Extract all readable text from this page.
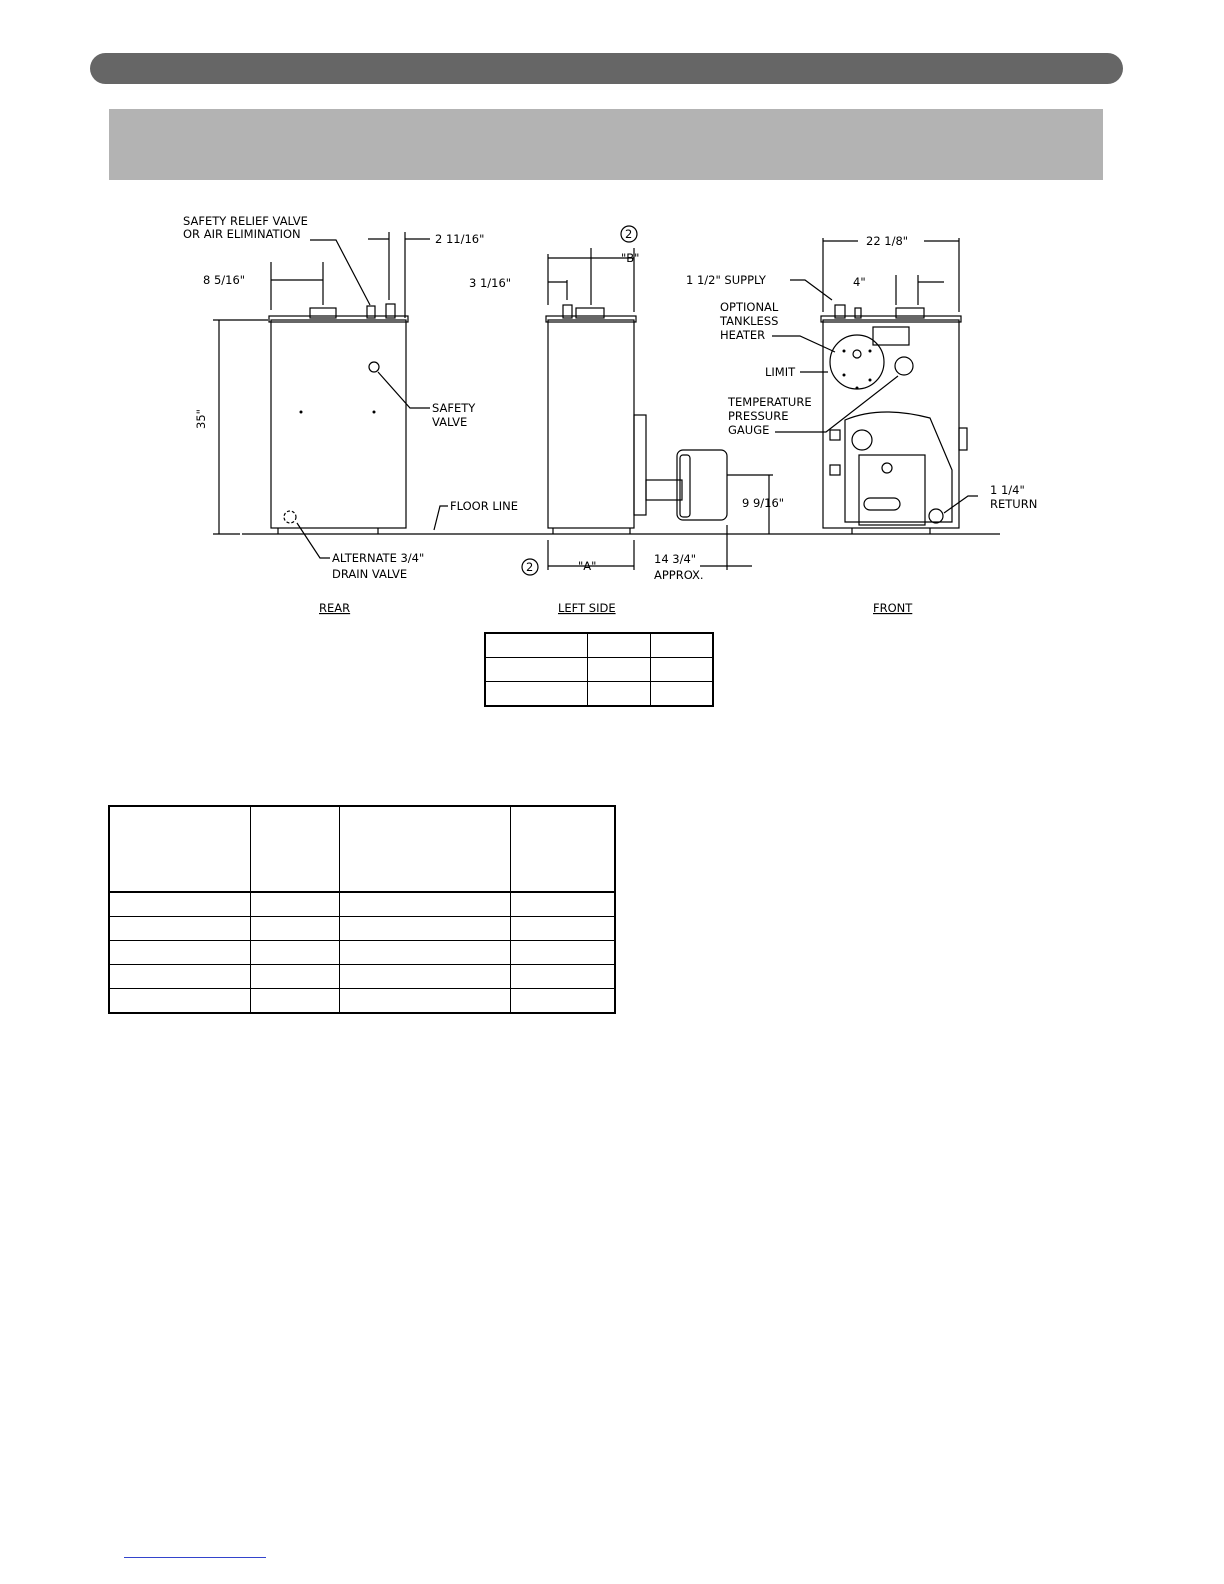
SAFETY RELIEF VALVE
OR AIR ELIMINATION	2 11/16"
8 5/16"
35"
SAFETY
VALVE
FLOOR LINE
ALTERNATE 3/4"
DRAIN VALVE
2
2
3 1/16"
"B"
"A"
9 9/16"
14 3/4"
APPROX.
22 1/8"
1 1/2" SUPPLY	4"
OPTIONAL
TANKLESS
HEATER
LIMIT
TEMPERATURE
PRESSURE
GAUGE
1 1/4"
RETURN
REAR	LEFT SIDE	FRONT
